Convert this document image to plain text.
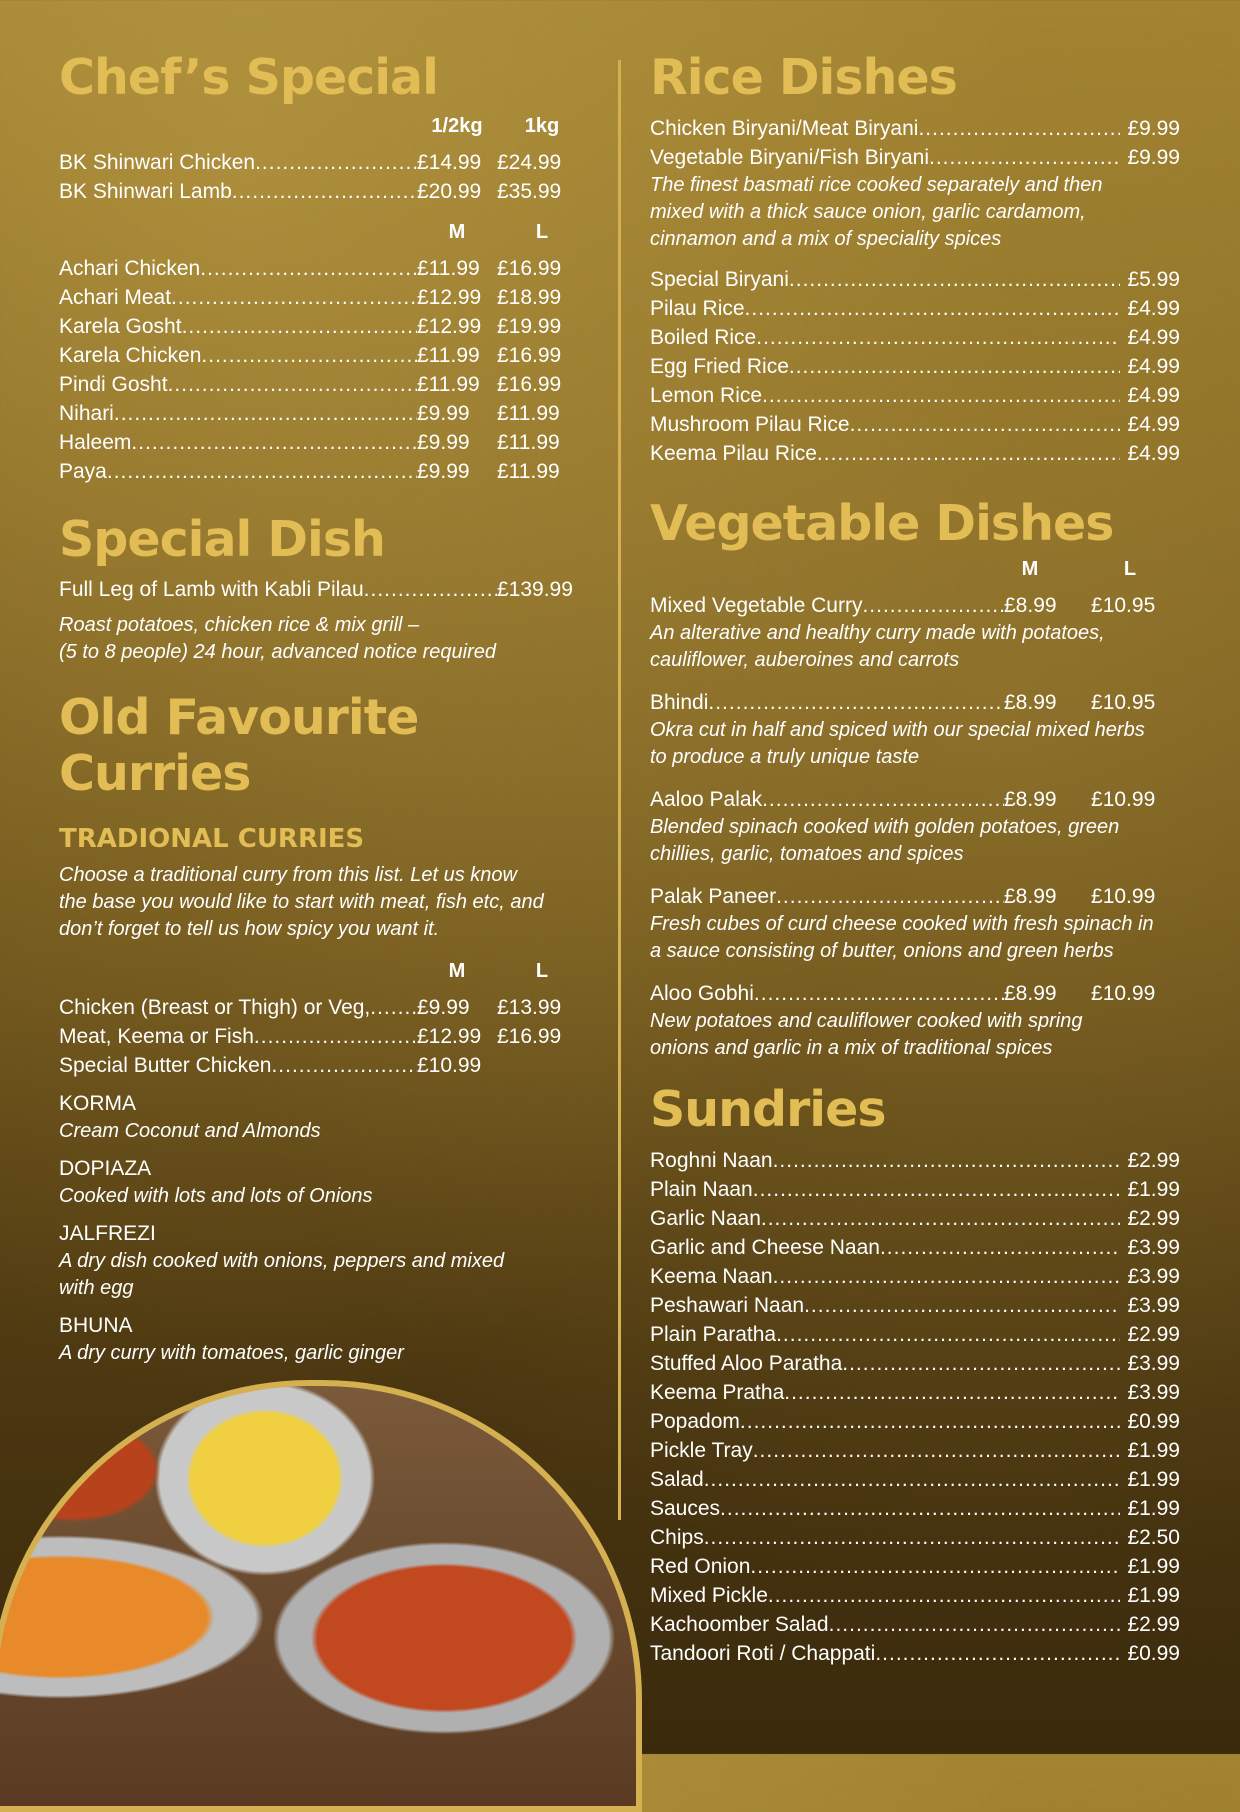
Chef’s Special
1/2kg	1kg
BK Shinwari Chicken .....	£14.99 £24.99
BK Shinwari Lamb .....	£20.99 £35.99
M	L
Achari Chicken .....	£11.99 £16.99
Achari Meat .....	£12.99 £18.99
Karela Gosht .....	£12.99 £19.99
Karela Chicken .....	£11.99 £16.99
Pindi Gosht .....	£11.99 £16.99
Nihari .....	£9.99	£11.99
Haleem .....	£9.99	£11.99
Paya .....	£9.99	£11.99
Special Dish
Full Leg of Lamb with Kabli Pilau .....	£139.99
Roast potatoes, chicken rice & mix grill –
(5 to 8 people) 24 hour, advanced notice required
Old Favourite Curries
TRADIONAL CURRIES
Choose a traditional curry from this list. Let us know
the base you would like to start with meat, fish etc, and
don’t forget to tell us how spicy you want it.
M	L
Chicken (Breast or Thigh) or Veg, ..... £9.99	£13.99
Meat, Keema or Fish .....	£12.99 £16.99
Special Butter Chicken .....	£10.99
KORMA
Cream Coconut and Almonds
DOPIAZA
Cooked with lots and lots of Onions
JALFREZI
A dry dish cooked with onions, peppers and mixed
with egg
BHUNA
A dry curry with tomatoes, garlic ginger
Rice Dishes
Chicken Biryani/Meat Biryani .....	£9.99
Vegetable Biryani/Fish Biryani .....	£9.99
The finest basmati rice cooked separately and then
mixed with a thick sauce onion, garlic cardamom,
cinnamon and a mix of speciality spices
Special Biryani .....	£5.99
Pilau Rice .....	£4.99
Boiled Rice .....	£4.99
Egg Fried Rice .....	£4.99
Lemon Rice .....	£4.99
Mushroom Pilau Rice .....	£4.99
Keema Pilau Rice .....	£4.99
Vegetable Dishes
M	L
Mixed Vegetable Curry .....	£8.99	£10.95
An alterative and healthy curry made with potatoes,
cauliflower, auberoines and carrots
Bhindi .....	£8.99	£10.95
Okra cut in half and spiced with our special mixed herbs
to produce a truly unique taste
Aaloo Palak .....	£8.99	£10.99
Blended spinach cooked with golden potatoes, green
chillies, garlic, tomatoes and spices
Palak Paneer .....	£8.99	£10.99
Fresh cubes of curd cheese cooked with fresh spinach in
a sauce consisting of butter, onions and green herbs
Aloo Gobhi .....	£8.99	£10.99
New potatoes and cauliflower cooked with spring
onions and garlic in a mix of traditional spices
Sundries
Roghni Naan .....	£2.99
Plain Naan .....	£1.99
Garlic Naan .....	£2.99
Garlic and Cheese Naan .....	£3.99
Keema Naan .....	£3.99
Peshawari Naan .....	£3.99
Plain Paratha .....	£2.99
Stuffed Aloo Paratha .....	£3.99
Keema Pratha .....	£3.99
Popadom .....	£0.99
Pickle Tray .....	£1.99
Salad .....	£1.99
Sauces .....	£1.99
Chips .....	£2.50
Red Onion .....	£1.99
Mixed Pickle .....	£1.99
Kachoomber Salad .....	£2.99
Tandoori Roti / Chappati .....	£0.99
